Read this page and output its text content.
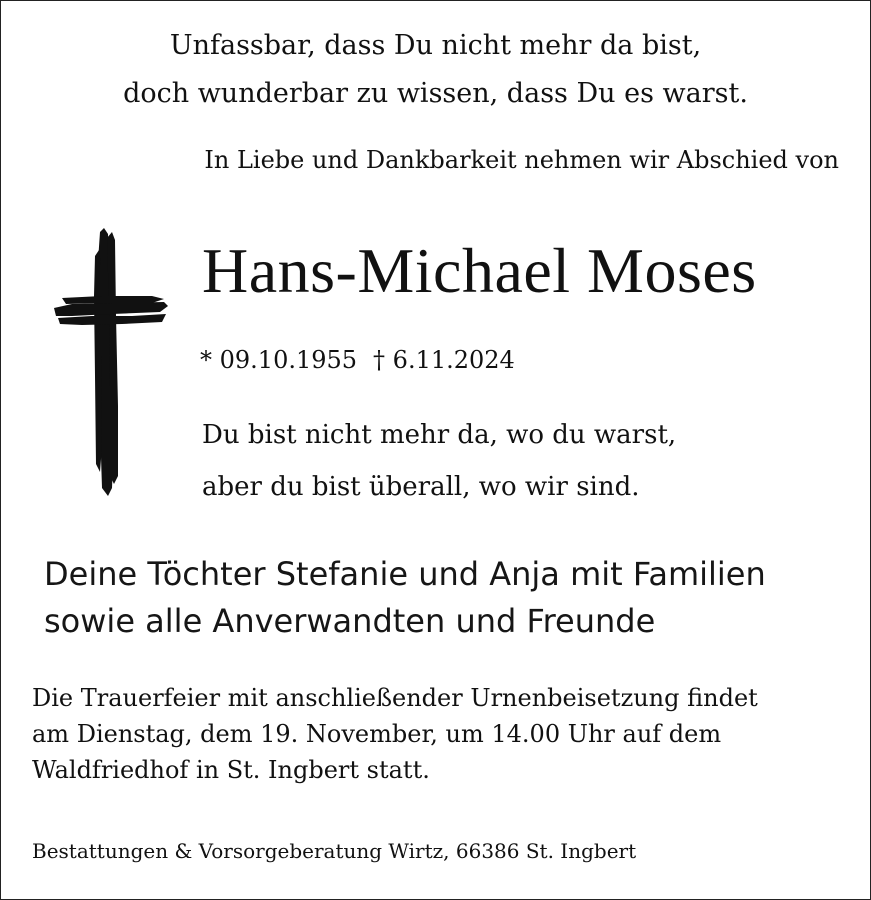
Unfassbar, dass Du nicht mehr da bist,

doch wunderbar zu wissen, dass Du es warst.

In Liebe und Dankbarkeit nehmen wir Abschied von

Hans-Michael Moses

* 09.10.1955 † 6.11.2024

Du bist nicht mehr da, wo du warst,

aber du bist überall, wo wir sind.

Deine Töchter Stefanie und Anja mit Familien

sowie alle Anverwandten und Freunde

Die Trauerfeier mit anschließender Urnenbeisetzung findet

am Dienstag, dem 19. November, um 14.00 Uhr auf dem

Waldfriedhof in St. Ingbert statt.

Bestattungen & Vorsorgeberatung Wirtz, 66386 St. Ingbert
